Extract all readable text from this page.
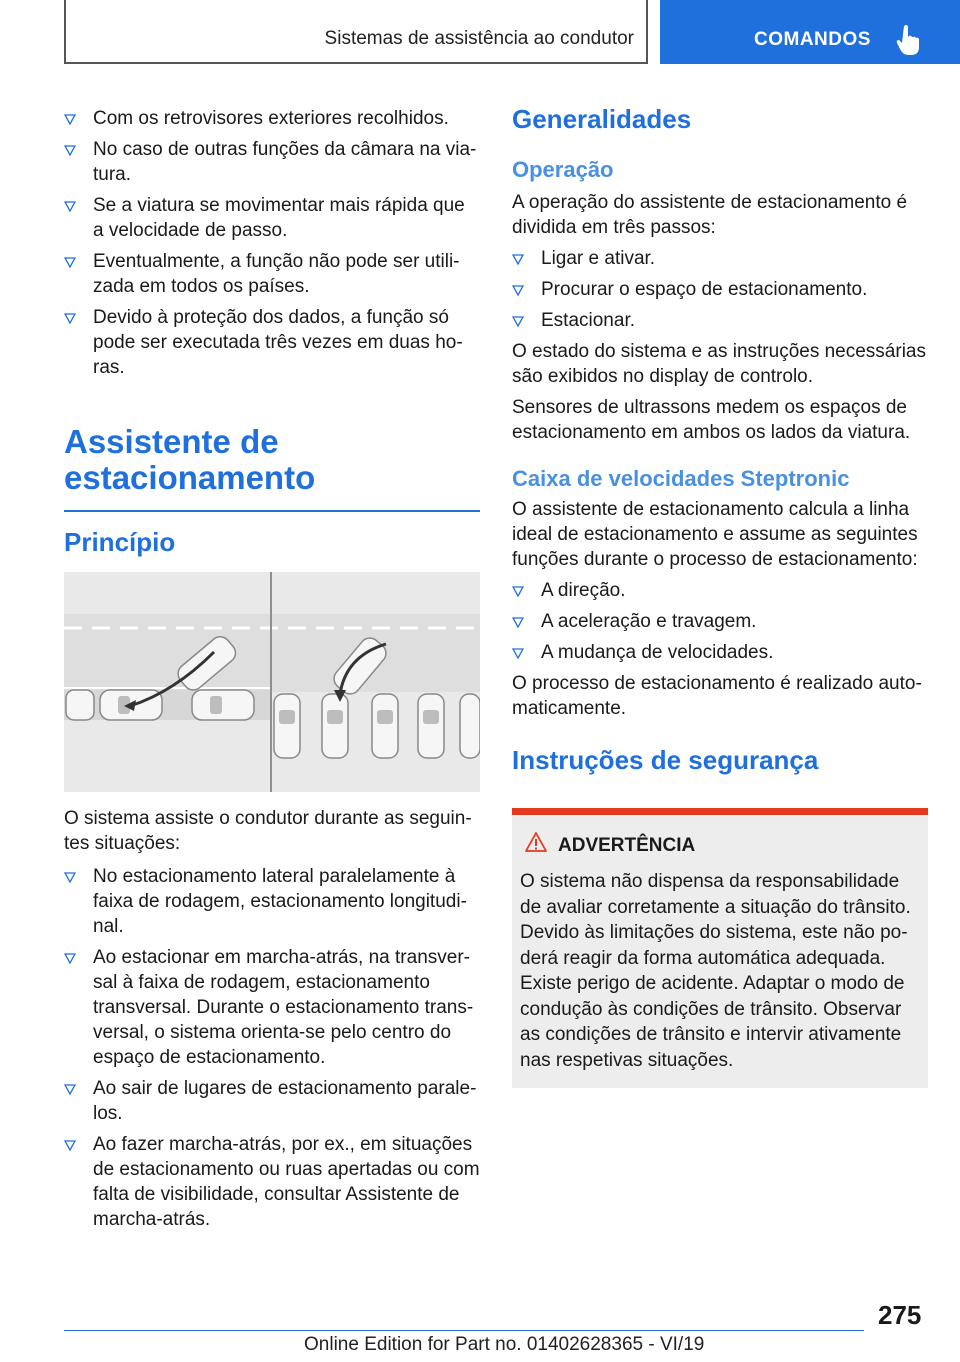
Sistemas de assistência ao condutor	COMANDOS
Com os retrovisores exteriores recolhidos.
No caso de outras funções da câmara na via-tura.
Se a viatura se movimentar mais rápida que a velocidade de passo.
Eventualmente, a função não pode ser utili-zada em todos os países.
Devido à proteção dos dados, a função só pode ser executada três vezes em duas ho-ras.
Assistente de
estacionamento
Princípio

O sistema assiste o condutor durante as seguin-tes situações:

No estacionamento lateral paralelamente à faixa de rodagem, estacionamento longitudi-nal.
Ao estacionar em marcha-atrás, na transver-sal à faixa de rodagem, estacionamento transversal. Durante o estacionamento trans-versal, o sistema orienta-se pelo centro do espaço de estacionamento.
Ao sair de lugares de estacionamento parale-los.
Ao fazer marcha-atrás, por ex., em situações de estacionamento ou ruas apertadas ou com falta de visibilidade, consultar Assistente de marcha-atrás.
Generalidades
Operação

A operação do assistente de estacionamento é dividida em três passos:

Ligar e ativar.
Procurar o espaço de estacionamento.
Estacionar.

O estado do sistema e as instruções necessárias são exibidos no display de controlo.

Sensores de ultrassons medem os espaços de estacionamento em ambos os lados da viatura.

Caixa de velocidades Steptronic

O assistente de estacionamento calcula a linha ideal de estacionamento e assume as seguintes funções durante o processo de estacionamento:

A direção.
A aceleração e travagem.
A mudança de velocidades.

O processo de estacionamento é realizado auto-maticamente.

Instruções de segurança
ADVERTÊNCIA
O sistema não dispensa da responsabilidade de avaliar corretamente a situação do trânsito. Devido às limitações do sistema, este não po-derá reagir da forma automática adequada. Existe perigo de acidente. Adaptar o modo de condução às condições de trânsito. Observar as condições de trânsito e intervir ativamente nas respetivas situações.
275
Online Edition for Part no. 01402628365 - VI/19
